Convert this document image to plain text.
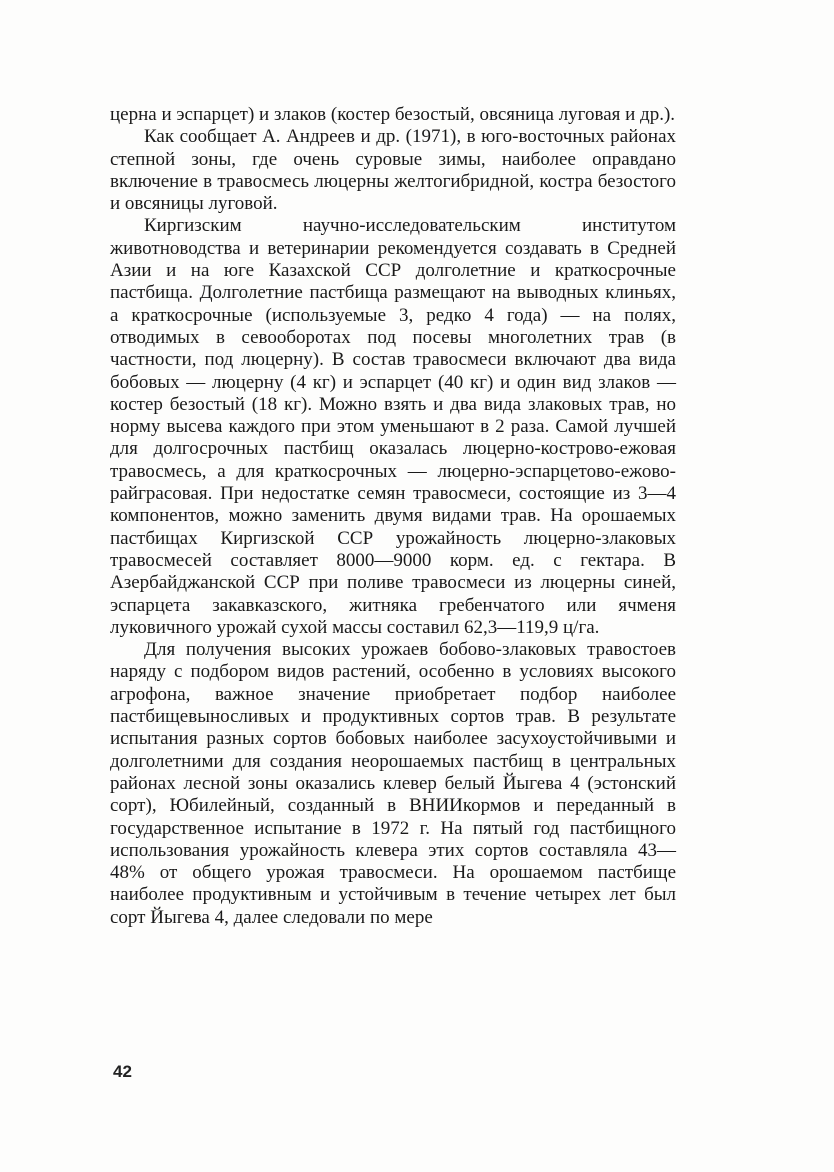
церна и эспарцет) и злаков (костер безостый, овсяница луговая и др.).

Как сообщает А. Андреев и др. (1971), в юго-восточных районах степной зоны, где очень суровые зимы, наиболее оправдано включение в травосмесь люцерны желтогибридной, костра безостого и овсяницы луговой.

Киргизским научно-исследовательским институтом животноводства и ветеринарии рекомендуется создавать в Средней Азии и на юге Казахской ССР долголетние и краткосрочные пастбища. Долголетние пастбища размещают на выводных клиньях, а краткосрочные (используемые 3, редко 4 года) — на полях, отводимых в севооборотах под посевы многолетних трав (в частности, под люцерну). В состав травосмеси включают два вида бобовых — люцерну (4 кг) и эспарцет (40 кг) и один вид злаков — костер безостый (18 кг). Можно взять и два вида злаковых трав, но норму высева каждого при этом уменьшают в 2 раза. Самой лучшей для долгосрочных пастбищ оказалась люцерно-кострово-ежовая травосмесь, а для краткосрочных — люцерно-эспарцетово-ежово-райграсовая. При недостатке семян травосмеси, состоящие из 3—4 компонентов, можно заменить двумя видами трав. На орошаемых пастбищах Киргизской ССР урожайность люцерно-злаковых травосмесей составляет 8000—9000 корм. ед. с гектара. В Азербайджанской ССР при поливе травосмеси из люцерны синей, эспарцета закавказского, житняка гребенчатого или ячменя луковичного урожай сухой массы составил 62,3—119,9 ц/га.

Для получения высоких урожаев бобово-злаковых травостоев наряду с подбором видов растений, особенно в условиях высокого агрофона, важное значение приобретает подбор наиболее пастбищевыносливых и продуктивных сортов трав. В результате испытания разных сортов бобовых наиболее засухоустойчивыми и долголетними для создания неорошаемых пастбищ в центральных районах лесной зоны оказались клевер белый Йыгева 4 (эстонский сорт), Юбилейный, созданный в ВНИИкормов и переданный в государственное испытание в 1972 г. На пятый год пастбищного использования урожайность клевера этих сортов составляла 43—48% от общего урожая травосмеси. На орошаемом пастбище наиболее продуктивным и устойчивым в течение четырех лет был сорт Йыгева 4, далее следовали по мере

42
